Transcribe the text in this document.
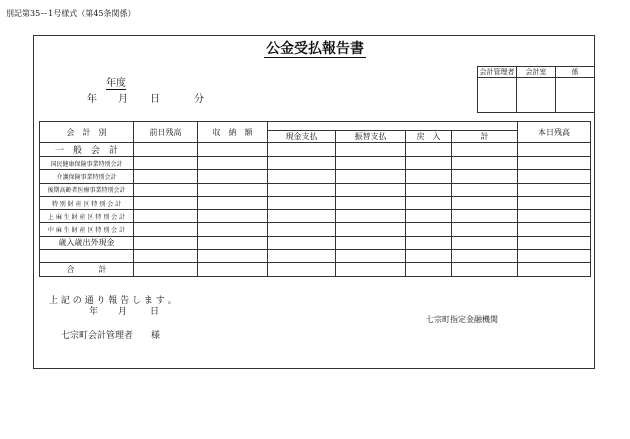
別記第35ー1号様式（第45条関係）
公金受払報告書
年度
年 月 日	分
会計管理者	会計室	係

会　計　別	前日残高	収　納　額					本日残高
			現金支払	振替支払	戻　入	計	
一　般　会　計							
国民健康保険事業特別会計							
介護保険事業特別会計							
後期高齢者医療事業特別会計							
特 別 財 産 区 特 別 会 計							
上 麻 生 財 産 区 特 別 会 計							
中 麻 生 財 産 区 特 別 会 計							
歳入歳出外現金							

合　　　計							
上 記 の 通 り 報 告 し ま す 。
年 月	日
七宗町会計管理者　　様
七宗町指定金融機関
